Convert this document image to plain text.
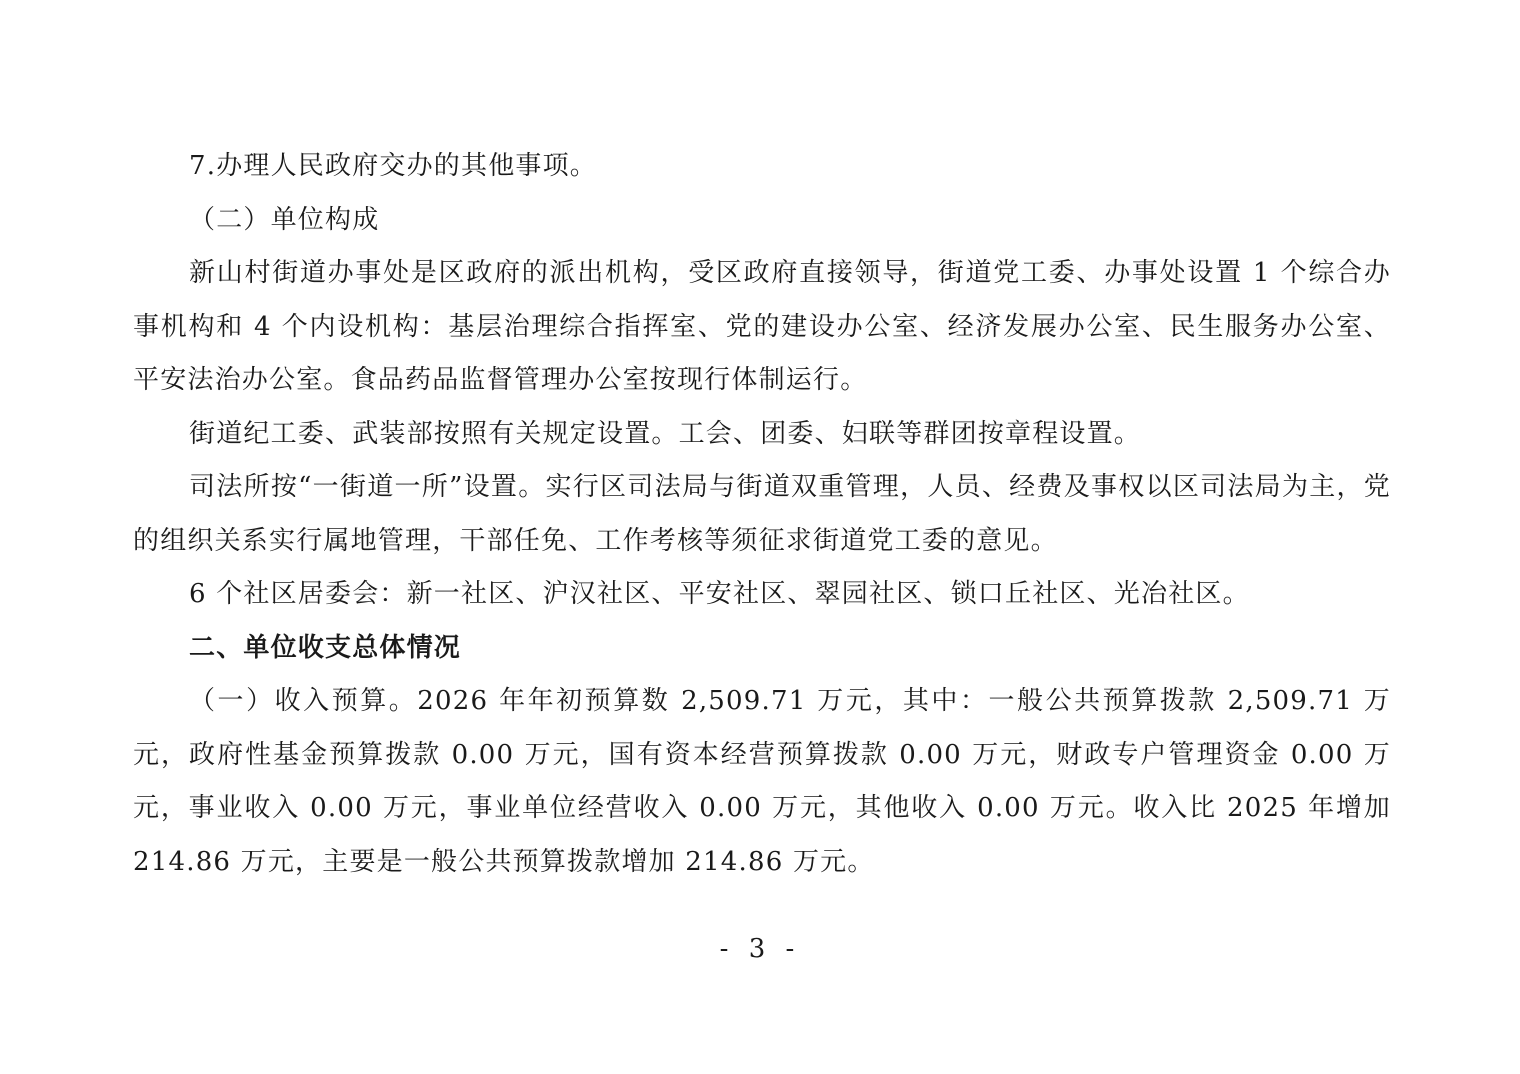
7.办理人民政府交办的其他事项。

（二）单位构成

新山村街道办事处是区政府的派出机构，受区政府直接领导，街道党工委、办事处设置 1 个综合办事机构和 4 个内设机构：基层治理综合指挥室、党的建设办公室、经济发展办公室、民生服务办公室、平安法治办公室。食品药品监督管理办公室按现行体制运行。

街道纪工委、武装部按照有关规定设置。工会、团委、妇联等群团按章程设置。

司法所按“一街道一所”设置。实行区司法局与街道双重管理，人员、经费及事权以区司法局为主，党的组织关系实行属地管理，干部任免、工作考核等须征求街道党工委的意见。

6 个社区居委会：新一社区、沪汉社区、平安社区、翠园社区、锁口丘社区、光冶社区。

二、单位收支总体情况

（一）收入预算。2026 年年初预算数 2,509.71 万元，其中：一般公共预算拨款 2,509.71 万元，政府性基金预算拨款 0.00 万元，国有资本经营预算拨款 0.00 万元，财政专户管理资金 0.00 万元，事业收入 0.00 万元，事业单位经营收入 0.00 万元，其他收入 0.00 万元。收入比 2025 年增加 214.86 万元，主要是一般公共预算拨款增加 214.86 万元。

- 3 -
